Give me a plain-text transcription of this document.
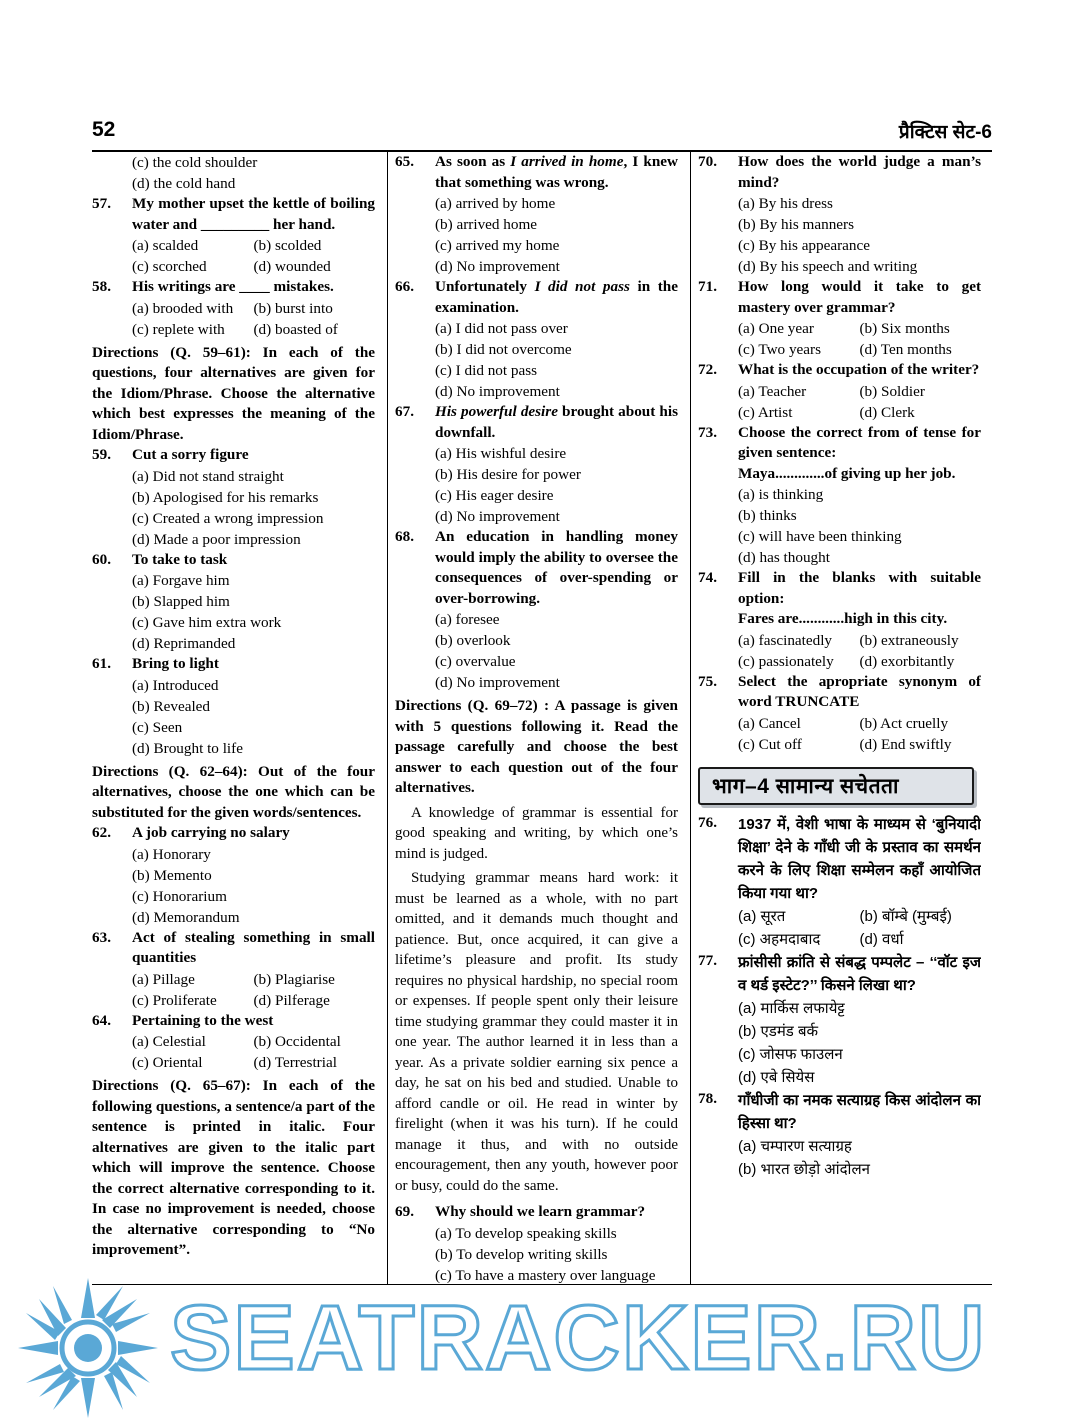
52	प्रैक्टिस सेट-6
(c) the cold shoulder
(d) the cold hand
57. My mother upset the kettle of boiling water and _________ her hand.
(a) scalded	(b) scolded
(c) scorched	(d) wounded
58. His writings are ____ mistakes.
(a) brooded with	(b) burst into
(c) replete with	(d) boasted of
Directions (Q. 59–61): In each of the questions, four alternatives are given for the Idiom/Phrase. Choose the alternative which best expresses the meaning of the Idiom/Phrase.
59. Cut a sorry figure
(a) Did not stand straight
(b) Apologised for his remarks
(c) Created a wrong impression
(d) Made a poor impression
60. To take to task
(a) Forgave him
(b) Slapped him
(c) Gave him extra work
(d) Reprimanded
61. Bring to light
(a) Introduced
(b) Revealed
(c) Seen
(d) Brought to life
Directions (Q. 62–64): Out of the four alternatives, choose the one which can be substituted for the given words/sentences.
62. A job carrying no salary
(a) Honorary
(b) Memento
(c) Honorarium
(d) Memorandum
63. Act of stealing something in small quantities
(a) Pillage	(b) Plagiarise
(c) Proliferate	(d) Pilferage
64. Pertaining to the west
(a) Celestial	(b) Occidental
(c) Oriental	(d) Terrestrial
Directions (Q. 65–67): In each of the following questions, a sentence/a part of the sentence is printed in italic. Four alternatives are given to the italic part which will improve the sentence. Choose the correct alternative corresponding to it. In case no improvement is needed, choose the alternative corresponding to “No improvement”.
65. As soon as I arrived in home, I knew that something was wrong.
(a) arrived by home
(b) arrived home
(c) arrived my home
(d) No improvement
66. Unfortunately I did not pass in the examination.
(a) I did not pass over
(b) I did not overcome
(c) I did not pass
(d) No improvement
67. His powerful desire brought about his downfall.
(a) His wishful desire
(b) His desire for power
(c) His eager desire
(d) No improvement
68. An education in handling money would imply the ability to oversee the consequences of over-spending or over-borrowing.
(a) foresee
(b) overlook
(c) overvalue
(d) No improvement
Directions (Q. 69–72) : A passage is given with 5 questions following it. Read the passage carefully and choose the best answer to each question out of the four alternatives.
A knowledge of grammar is essential for good speaking and writing, by which one’s mind is judged.
Studying grammar means hard work: it must be learned as a whole, with no part omitted, and it demands much thought and patience. But, once acquired, it can give a lifetime’s pleasure and profit. Its study requires no physical hardship, no special room or expenses. If people spent only their leisure time studying grammar they could master it in one year. The author learned it in less than a year. As a private soldier earning six pence a day, he sat on his bed and studied. Unable to afford candle or oil. He read in winter by firelight (when it was his turn). If he could manage it thus, and with no outside encouragement, then any youth, however poor or busy, could do the same.
69. Why should we learn grammar?
(a) To develop speaking skills
(b) To develop writing skills
(c) To have a mastery over language
70. How does the world judge a man’s mind?
(a) By his dress
(b) By his manners
(c) By his appearance
(d) By his speech and writing
71. How long would it take to get mastery over grammar?
(a) One year	(b) Six months
(c) Two years	(d) Ten months
72. What is the occupation of the writer?
(a) Teacher	(b) Soldier
(c) Artist	(d) Clerk
73. Choose the correct from of tense for given sentence:
Maya.............of giving up her job.
(a) is thinking
(b) thinks
(c) will have been thinking
(d) has thought
74. Fill in the blanks with suitable option:
Fares are............high in this city.
(a) fascinatedly	(b) extraneously
(c) passionately	(d) exorbitantly
75. Select the apropriate synonym of word TRUNCATE
(a) Cancel	(b) Act cruelly
(c) Cut off	(d) End swiftly
भाग–4 सामान्य सचेतता
76. 1937 में, वेशी भाषा के माध्यम से ‘बुनियादी शिक्षा’ देने के गाँधी जी के प्रस्ताव का समर्थन करने के लिए शिक्षा सम्मेलन कहाँ आयोजित किया गया था?
(a) सूरत	(b) बॉम्बे (मुम्बई)
(c) अहमदाबाद	(d) वर्धा
77. फ्रांसीसी क्रांति से संबद्ध पम्पलेट – ‘‘वॉट इज व थर्ड इस्टेट?’’ किसने लिखा था?
(a) मार्किस लफायेट्ट
(b) एडमंड बर्क
(c) जोसफ फाउलन
(d) एबे सियेस
78. गाँधीजी का नमक सत्याग्रह किस आंदोलन का हिस्सा था?
(a) चम्पारण सत्याग्रह
(b) भारत छोड़ो आंदोलन
SEATRACKER.RU
